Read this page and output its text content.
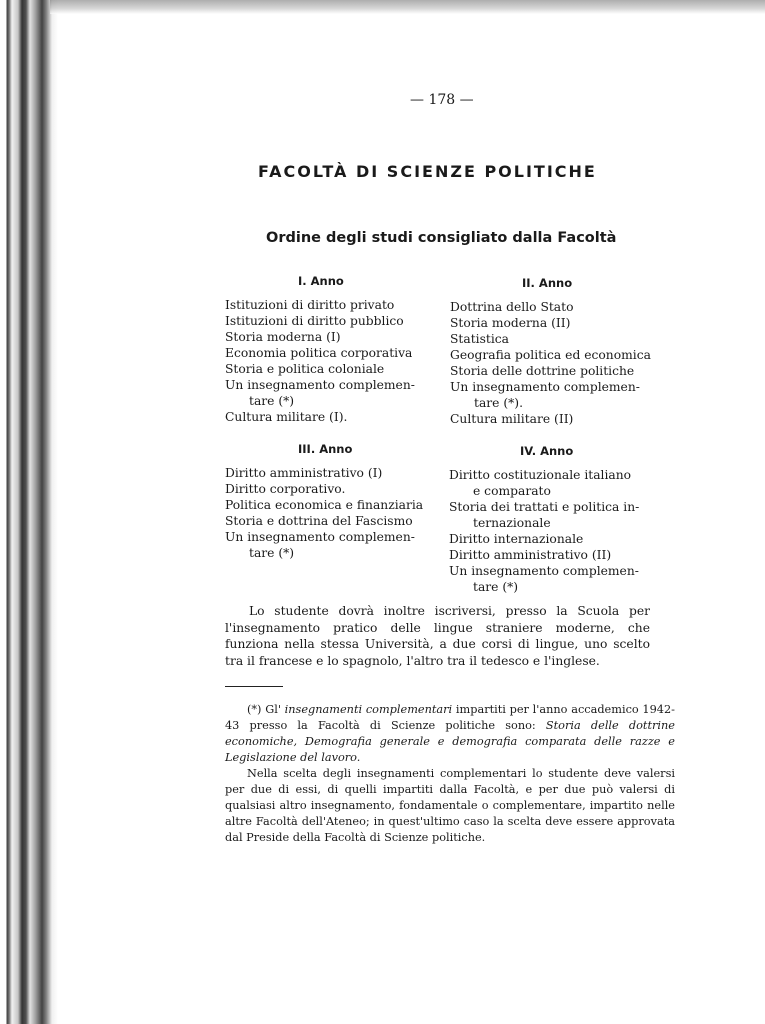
— 178 —
FACOLTÀ DI SCIENZE POLITICHE
Ordine degli studi consigliato dalla Facoltà
I. Anno	II. Anno
III. Anno	IV. Anno
Istituzioni di diritto privato
Istituzioni di diritto pubblico
Storia moderna (I)
Economia politica corporativa
Storia e politica coloniale
Un insegnamento complemen-
tare (*)
Cultura militare (I).
Dottrina dello Stato
Storia moderna (II)
Statistica
Geografia politica ed economica
Storia delle dottrine politiche
Un insegnamento complemen-
tare (*).
Cultura militare (II)
Diritto amministrativo (I)
Diritto corporativo.
Politica economica e finanziaria
Storia e dottrina del Fascismo
Un insegnamento complemen-
tare (*)
Diritto costituzionale italiano
e comparato
Storia dei trattati e politica in-
ternazionale
Diritto internazionale
Diritto amministrativo (II)
Un insegnamento complemen-
tare (*)

Lo studente dovrà inoltre iscriversi, presso la Scuola per l'insegnamento pratico delle lingue straniere moderne, che funziona nella stessa Università, a due corsi di lingue, uno scelto tra il francese e lo spagnolo, l'altro tra il tedesco e l'inglese.

(*) Gl' insegnamenti complementari impartiti per l'anno accademico 1942-43 presso la Facoltà di Scienze politiche sono: Storia delle dottrine economiche, Demografia generale e demografia comparata delle razze e Legislazione del lavoro.

Nella scelta degli insegnamenti complementari lo studente deve valersi per due di essi, di quelli impartiti dalla Facoltà, e per due può valersi di qualsiasi altro insegnamento, fondamentale o complementare, impartito nelle altre Facoltà dell'Ateneo; in quest'ultimo caso la scelta deve essere approvata dal Preside della Facoltà di Scienze politiche.
